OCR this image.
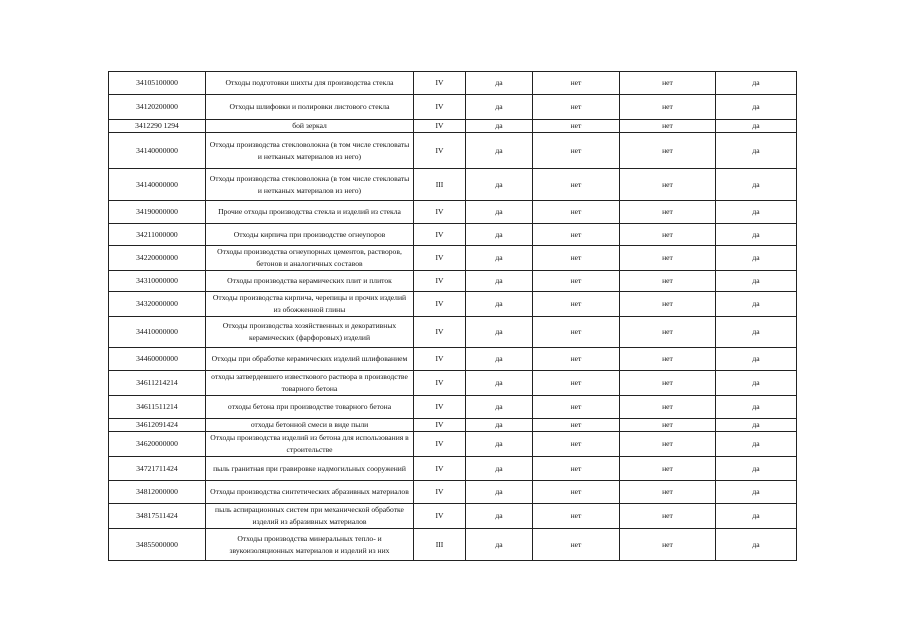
34105100000	Отходы подготовки шихты для производства стекла	IV	да	нет	нет	да
34120200000	Отходы шлифовки и полировки листового стекла	IV	да	нет	нет	да
3412290 1294	бой зеркал	IV	да	нет	нет	да
34140000000	Отходы производства стекловолокна (в том числе стекловаты и нетканых материалов из него)	IV	да	нет	нет	да
34140000000	Отходы производства стекловолокна (в том числе стекловаты и нетканых материалов из него)	III	да	нет	нет	да
34190000000	Прочие отходы производства стекла и изделий из стекла	IV	да	нет	нет	да
34211000000	Отходы кирпича при производстве огнеупоров	IV	да	нет	нет	да
34220000000	Отходы производства огнеупорных цементов, растворов, бетонов и аналогичных составов	IV	да	нет	нет	да
34310000000	Отходы производства керамических плит и плиток	IV	да	нет	нет	да
34320000000	Отходы производства кирпича, черепицы и прочих изделий из обожженной глины	IV	да	нет	нет	да
34410000000	Отходы производства хозяйственных и декоративных керамических (фарфоровых) изделий	IV	да	нет	нет	да
34460000000	Отходы при обработке керамических изделий шлифованием	IV	да	нет	нет	да
34611214214	отходы затвердевшего известкового раствора в производстве товарного бетона	IV	да	нет	нет	да
34611511214	отходы бетона при производстве товарного бетона	IV	да	нет	нет	да
34612091424	отходы бетонной смеси в виде пыли	IV	да	нет	нет	да
34620000000	Отходы производства изделий из бетона для использования в строительстве	IV	да	нет	нет	да
34721711424	пыль гранитная при гравировке надмогильных сооружений	IV	да	нет	нет	да
34812000000	Отходы производства синтетических абразивных материалов	IV	да	нет	нет	да
34817511424	пыль аспирационных систем при механической обработке изделий из абразивных материалов	IV	да	нет	нет	да
34855000000	Отходы производства минеральных тепло- и звукоизоляционных материалов и изделий из них	III	да	нет	нет	да
